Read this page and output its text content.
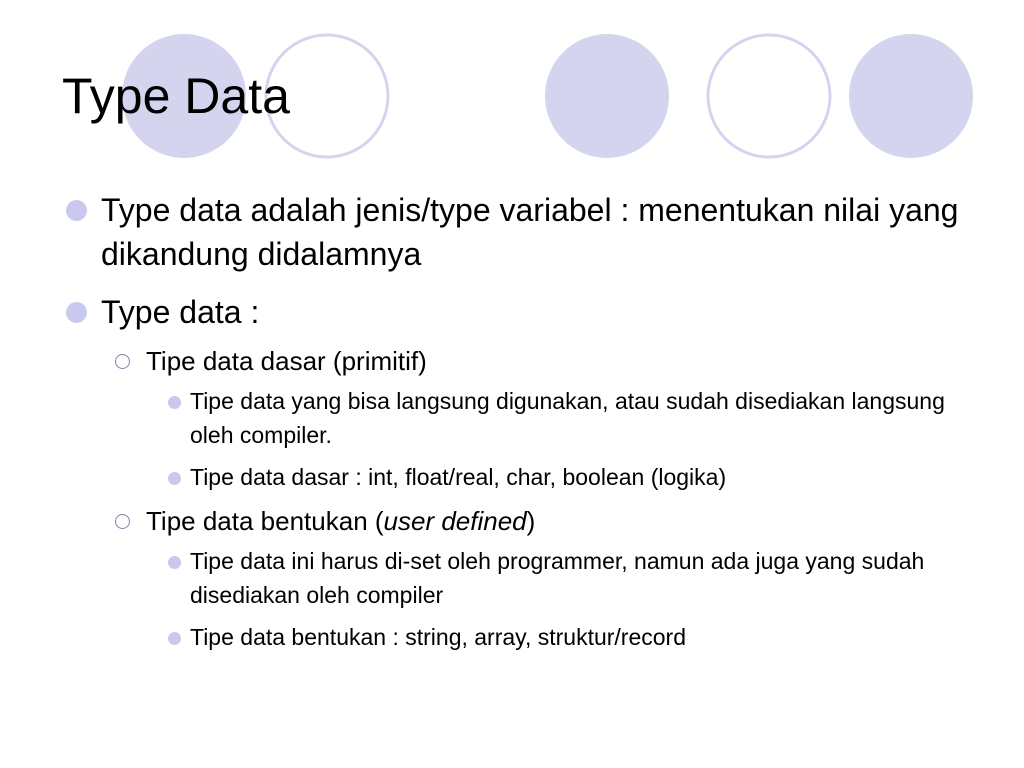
Type Data
Type data adalah jenis/type variabel : menentukan nilai yang dikandung didalamnya
Type data :
Tipe data dasar (primitif)
Tipe data yang bisa langsung digunakan, atau sudah disediakan langsung oleh compiler.
Tipe data dasar : int, float/real, char, boolean (logika)
Tipe data bentukan (user defined)
Tipe data ini harus di-set oleh programmer, namun ada juga yang sudah disediakan oleh compiler
Tipe data bentukan : string, array, struktur/record
